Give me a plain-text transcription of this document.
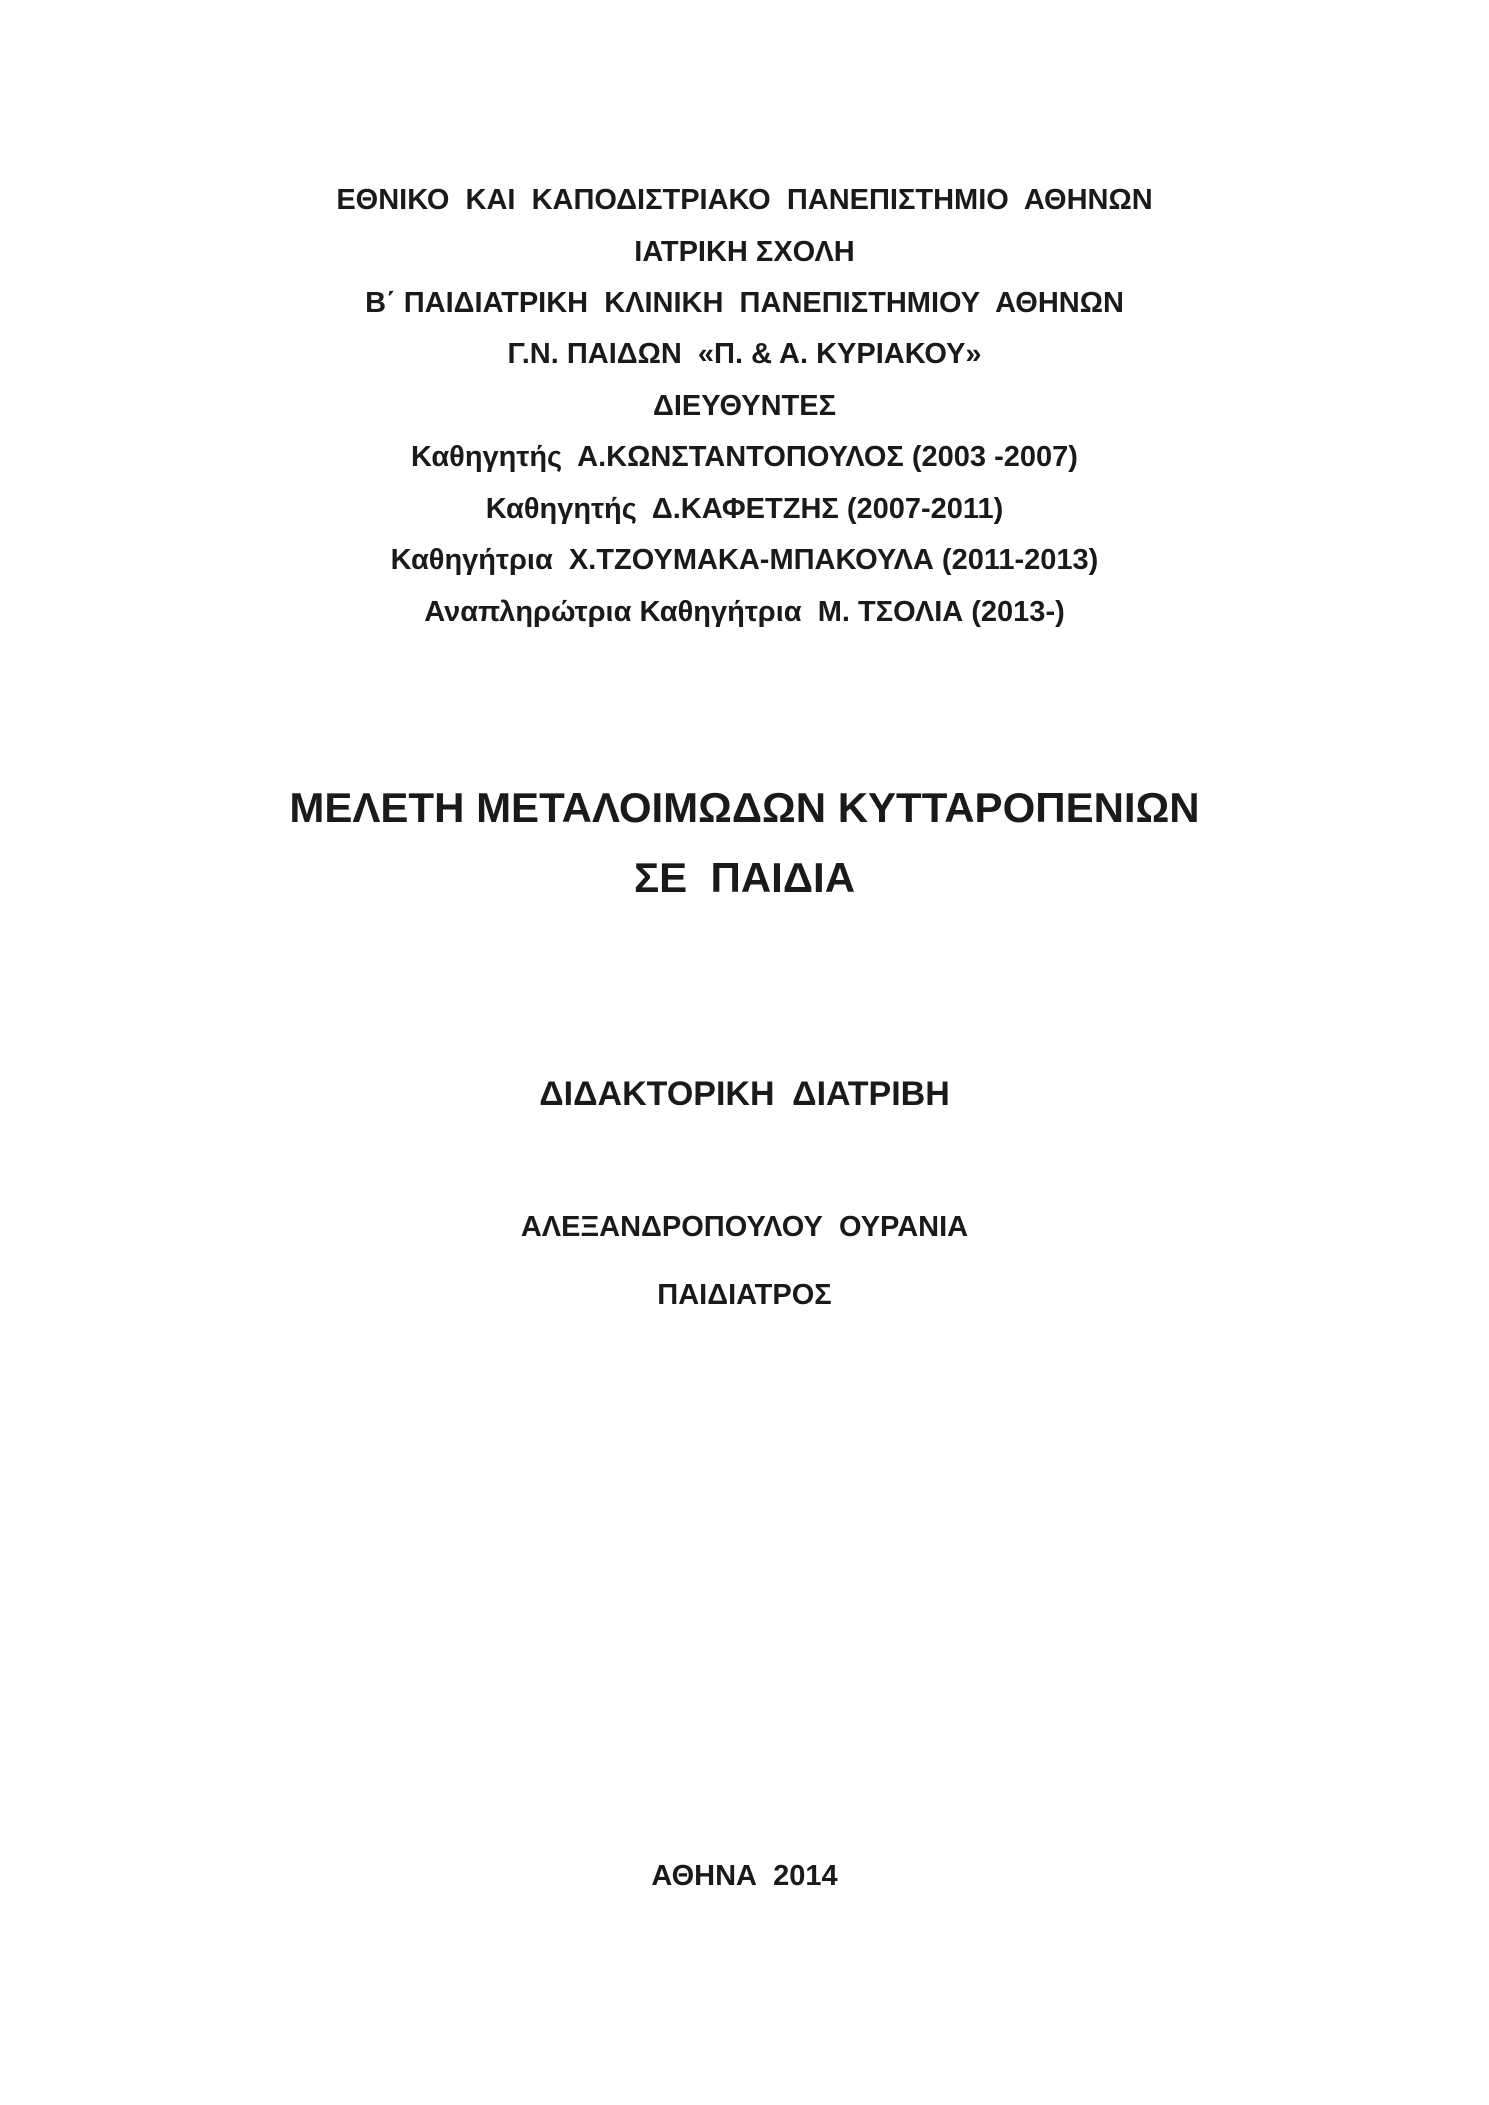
ΕΘΝΙΚΟ  ΚΑΙ  ΚΑΠΟΔΙΣΤΡΙΑΚΟ  ΠΑΝΕΠΙΣΤΗΜΙΟ  ΑΘΗΝΩΝ
ΙΑΤΡΙΚΗ ΣΧΟΛΗ
Β΄ ΠΑΙΔΙΑΤΡΙΚΗ  ΚΛΙΝΙΚΗ  ΠΑΝΕΠΙΣΤΗΜΙΟΥ  ΑΘΗΝΩΝ
Γ.Ν. ΠΑΙΔΩΝ  «Π. & Α. ΚΥΡΙΑΚΟΥ»
ΔΙΕΥΘΥΝΤΕΣ
Καθηγητής  Α.ΚΩΝΣΤΑΝΤΟΠΟΥΛΟΣ (2003 -2007)
Καθηγητής  Δ.ΚΑΦΕΤΖΗΣ (2007-2011)
Καθηγήτρια  Χ.ΤΖΟΥΜΑΚΑ-ΜΠΑΚΟΥΛΑ (2011-2013)
Αναπληρώτρια Καθηγήτρια  Μ. ΤΣΟΛΙΑ (2013-)
ΜΕΛΕΤΗ ΜΕΤΑΛΟΙΜΩΔΩΝ ΚΥΤΤΑΡΟΠΕΝΙΩΝ
ΣΕ  ΠΑΙΔΙΑ
ΔΙΔΑΚΤΟΡΙΚΗ  ΔΙΑΤΡΙΒΗ
ΑΛΕΞΑΝΔΡΟΠΟΥΛΟΥ  ΟΥΡΑΝΙΑ
ΠΑΙΔΙΑΤΡΟΣ
ΑΘΗΝΑ  2014
